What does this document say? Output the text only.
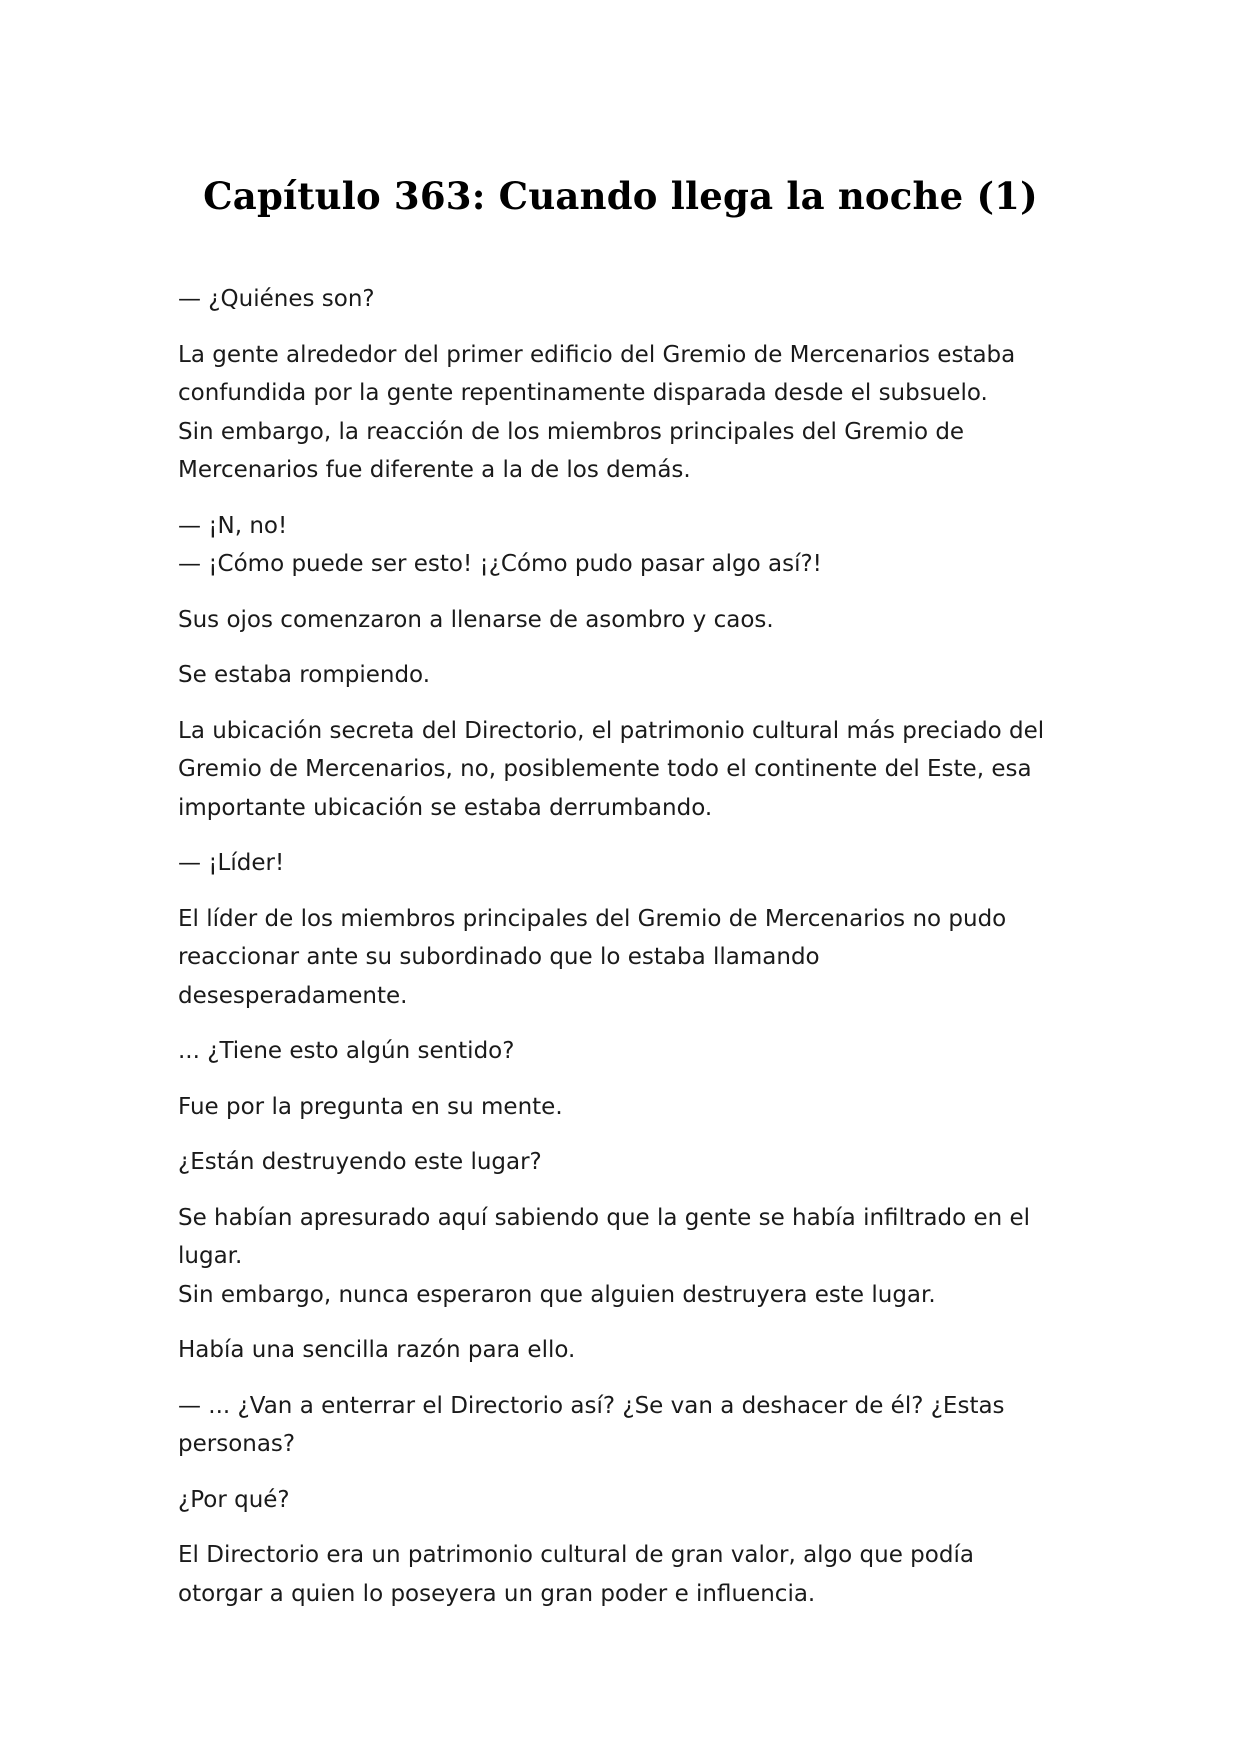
Capítulo 363: Cuando llega la noche (1)

— ¿Quiénes son?

La gente alrededor del primer edificio del Gremio de Mercenarios estaba
confundida por la gente repentinamente disparada desde el subsuelo.
Sin embargo, la reacción de los miembros principales del Gremio de
Mercenarios fue diferente a la de los demás.

— ¡N, no!
— ¡Cómo puede ser esto! ¡¿Cómo pudo pasar algo así?!

Sus ojos comenzaron a llenarse de asombro y caos.

Se estaba rompiendo.

La ubicación secreta del Directorio, el patrimonio cultural más preciado del
Gremio de Mercenarios, no, posiblemente todo el continente del Este, esa
importante ubicación se estaba derrumbando.

— ¡Líder!

El líder de los miembros principales del Gremio de Mercenarios no pudo
reaccionar ante su subordinado que lo estaba llamando
desesperadamente.

... ¿Tiene esto algún sentido?

Fue por la pregunta en su mente.

¿Están destruyendo este lugar?

Se habían apresurado aquí sabiendo que la gente se había infiltrado en el
lugar.
Sin embargo, nunca esperaron que alguien destruyera este lugar.

Había una sencilla razón para ello.

— ... ¿Van a enterrar el Directorio así? ¿Se van a deshacer de él? ¿Estas
personas?

¿Por qué?

El Directorio era un patrimonio cultural de gran valor, algo que podía
otorgar a quien lo poseyera un gran poder e influencia.
